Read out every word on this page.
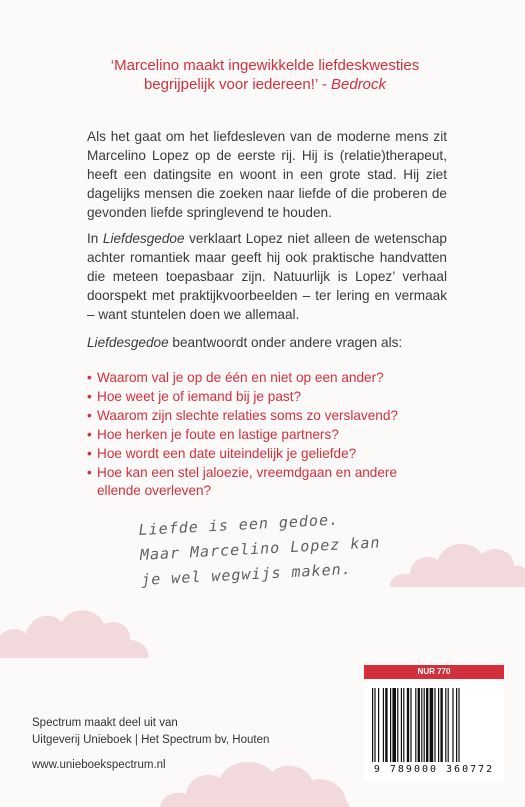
‘Marcelino maakt ingewikkelde liefdeskwesties
begrijpelijk voor iedereen!’ - Bedrock

Als het gaat om het liefdesleven van de moderne mens zit Marcelino Lopez op de eerste rij. Hij is (relatie)therapeut, heeft een datingsite en woont in een grote stad. Hij ziet dagelijks mensen die zoeken naar liefde of die proberen de gevonden liefde springlevend te houden.

In Liefdesgedoe verklaart Lopez niet alleen de wetenschap achter romantiek maar geeft hij ook praktische handvatten die meteen toepasbaar zijn. Natuurlijk is Lopez’ verhaal doorspekt met praktijkvoorbeelden – ter lering en vermaak – want stuntelen doen we allemaal.

Liefdesgedoe beantwoordt onder andere vragen als:

• Waarom val je op de één en niet op een ander?
• Hoe weet je of iemand bij je past?
• Waarom zijn slechte relaties soms zo verslavend?
• Hoe herken je foute en lastige partners?
• Hoe wordt een date uiteindelijk je geliefde?
• Hoe kan een stel jaloezie, vreemdgaan en andere ellende overleven?
Liefde is een gedoe.
Maar Marcelino Lopez kan
je wel wegwijs maken.
NUR 770
9 789000 360772
Spectrum maakt deel uit van
Uitgeverij Unieboek | Het Spectrum bv, Houten
www.unieboekspectrum.nl
